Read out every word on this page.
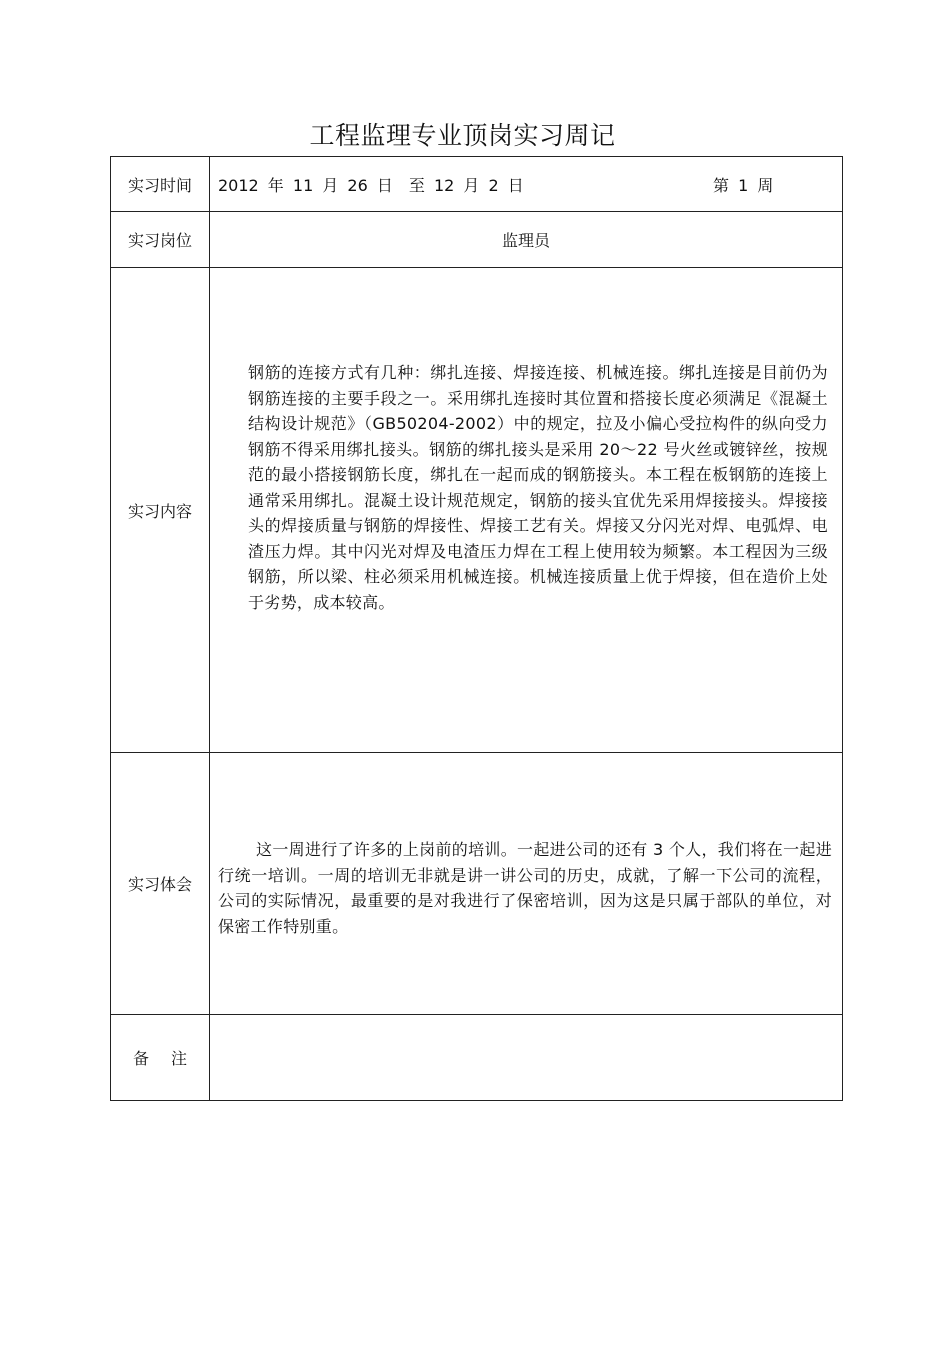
工程监理专业顶岗实习周记
实习时间	2012 年 11 月 26 日　至 12 月 2 日 第 1 周

实习岗位	监理员
实习内容	钢筋的连接方式有几种：绑扎连接、焊接连接、机械连接。绑扎连接是目前仍为钢筋连接的主要手段之一。采用绑扎连接时其位置和搭接长度必须满足《混凝土结构设计规范》（GB50204-2002）中的规定，拉及小偏心受拉构件的纵向受力钢筋不得采用绑扎接头。钢筋的绑扎接头是采用 20～22 号火丝或镀锌丝，按规范的最小搭接钢筋长度，绑扎在一起而成的钢筋接头。本工程在板钢筋的连接上通常采用绑扎。混凝土设计规范规定，钢筋的接头宜优先采用焊接接头。焊接接头的焊接质量与钢筋的焊接性、焊接工艺有关。焊接又分闪光对焊、电弧焊、电渣压力焊。其中闪光对焊及电渣压力焊在工程上使用较为频繁。本工程因为三级钢筋，所以梁、柱必须采用机械连接。机械连接质量上优于焊接，但在造价上处于劣势，成本较高。

实习体会	这一周进行了许多的上岗前的培训。一起进公司的还有 3 个人，我们将在一起进行统一培训。一周的培训无非就是讲一讲公司的历史，成就，了解一下公司的流程，公司的实际情况，最重要的是对我进行了保密培训，因为这是只属于部队的单位，对保密工作特别重。

备注	
